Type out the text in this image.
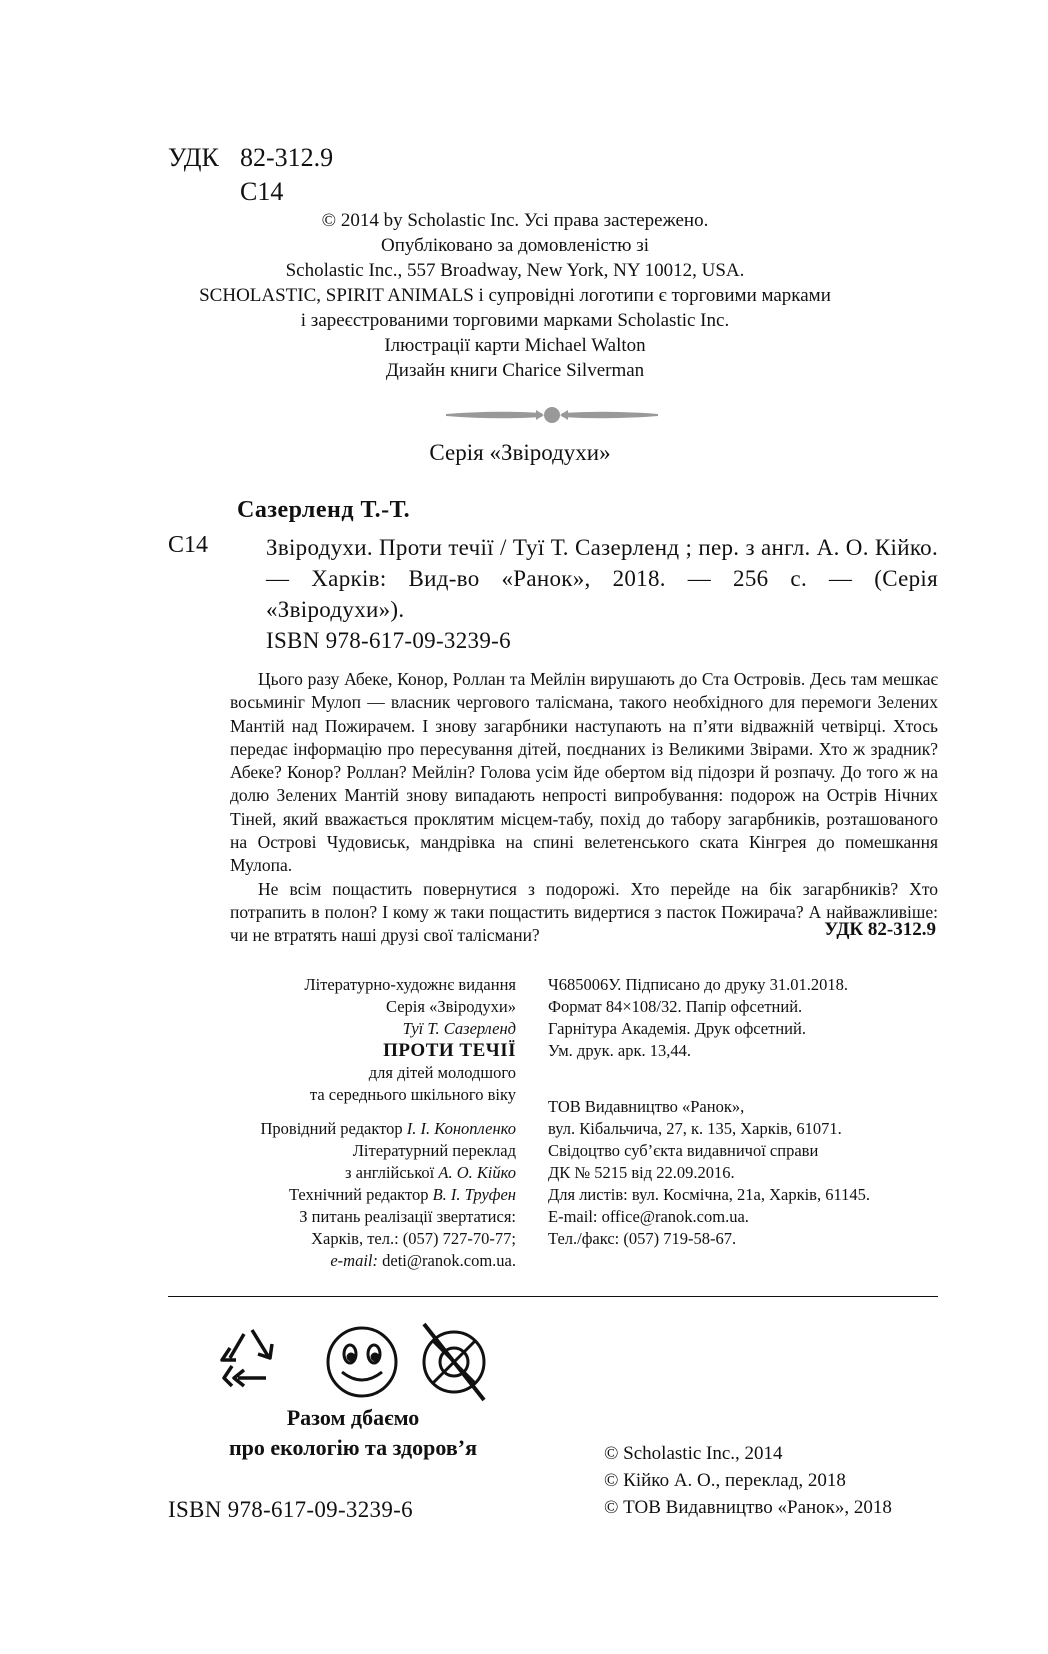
УДК 82-312.9
С14
© 2014 by Scholastic Inc. Усі права застережено.
Опубліковано за домовленістю зі
Scholastic Inc., 557 Broadway, New York, NY 10012, USA.
SCHOLASTIC, SPIRIT ANIMALS і супровідні логотипи є торговими марками
і зареєстрованими торговими марками Scholastic Inc.
Ілюстрації карти Michael Walton
Дизайн книги Charice Silverman
Серія «Звіродухи»
Сазерленд Т.-Т.
С14	Звіродухи. Проти течії / Туї Т. Сазерленд ; пер. з англ. А. О. Кійко. — Харків: Вид-во «Ранок», 2018. — 256 с. — (Серія «Звіродухи»).
ISBN 978-617-09-3239-6

Цього разу Абеке, Конор, Роллан та Мейлін вирушають до Ста Островів. Десь там мешкає восьминіг Мулоп — власник чергового талісмана, такого необхідного для перемоги Зелених Мантій над Пожирачем. І знову загарбники наступають на п’яти відважній четвірці. Хтось передає інформацію про пересування дітей, поєднаних із Великими Звірами. Хто ж зрадник? Абеке? Конор? Роллан? Мейлін? Голова усім йде обертом від підозри й розпачу. До того ж на долю Зелених Мантій знову випадають непрості випробування: подорож на Острів Нічних Тіней, який вважається проклятим місцем-табу, похід до табору загарбників, розташованого на Острові Чудовиськ, мандрівка на спині велетенського ската Кінгрея до помешкання Мулопа.

Не всім пощастить повернутися з подорожі. Хто перейде на бік загарбників? Хто потрапить в полон? І кому ж таки пощастить видертися з пасток Пожирача? А найважливіше: чи не втратять наші друзі свої талісмани?	УДК 82-312.9
Літературно-художнє видання
Серія «Звіродухи»
Туї Т. Сазерленд
ПРОТИ ТЕЧІЇ
для дітей молодшого
та середнього шкільного віку
Провідний редактор І. І. Конопленко
Літературний переклад
з англійської А. О. Кійко
Технічний редактор В. І. Труфен
З питань реалізації звертатися:
Харків, тел.: (057) 727-70-77;
e-mail: deti@ranok.com.ua.
Ч685006У. Підписано до друку 31.01.2018.
Формат 84×108/32. Папір офсетний.
Гарнітура Академія. Друк офсетний.
Ум. друк. арк. 13,44.
ТОВ Видавництво «Ранок»,
вул. Кібальчича, 27, к. 135, Харків, 61071.
Свідоцтво суб’єкта видавничої справи
ДК № 5215 від 22.09.2016.
Для листів: вул. Космічна, 21а, Харків, 61145.
E-mail: office@ranok.com.ua.
Тел./факс: (057) 719-58-67.
Разом дбаємо
про екологію та здоров’я	© Scholastic Inc., 2014
© Кійко А. О., переклад, 2018
© ТОВ Видавництво «Ранок», 2018
ISBN 978-617-09-3239-6
